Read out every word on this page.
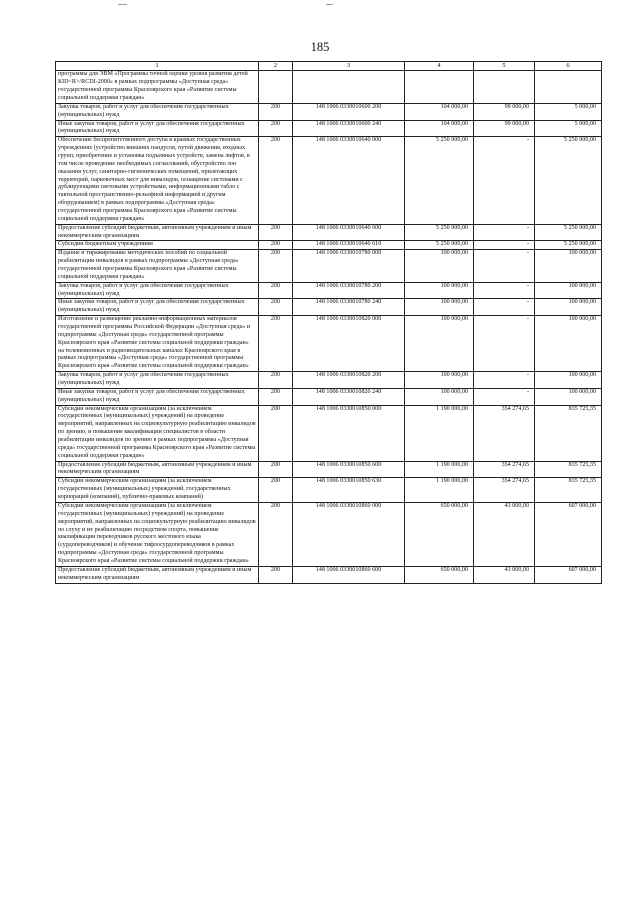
185
1	2	3	4	5	6
программы для ЭВМ «Программы точной оценки уровня развития детей КID<R>/RCDI-2000» в рамках подпрограммы «Доступная среда» государственной программы Красноярского края «Развитие системы социальной поддержки граждан»					
Закупка товаров, работ и услуг для обеспечения государственных (муниципальных) нужд	200	148 1006 0330010600 200	104 000,00	99 000,00	5 000,00
Иные закупки товаров, работ и услуг для обеспечения государственных (муниципальных) нужд	200	148 1006 0330010600 240	104 000,00	99 000,00	5 000,00
Обеспечение беспрепятственного доступа в краевых государственных учреждениях (устройство внешних пандусов, путей движения, входных групп, приобретение и установка подъемных устройств, замена лифтов, в том числе проведение необходимых согласований, обустройство зон оказания услуг, санитарно-гигиенических помещений, прилегающих территорий, парковочных мест для инвалидов, оснащение системами с дублирующими световыми устройствами, информационными табло с тактильной пространственно-рельефной информацией и другим оборудованием) в рамках подпрограммы «Доступная среда» государственной программы Красноярского края «Развитие системы социальной поддержки граждан»	200	148 1006 0330010640 000	5 250 000,00	-	5 250 000,00
Предоставление субсидий бюджетным, автономным учреждениям и иным некоммерческим организациям	200	148 1006 0330010640 600	5 250 000,00	-	5 250 000,00
Субсидии бюджетным учреждениям	200	148 1006 0330010640 610	5 250 000,00	-	5 250 000,00
Издание и тиражирование методических пособий по социальной реабилитации инвалидов в рамках подпрограммы «Доступная среда» государственной программы Красноярского края «Развитие системы социальной поддержки граждан»	200	148 1006 0330010780 000	100 000,00	-	100 000,00
Закупка товаров, работ и услуг для обеспечения государственных (муниципальных) нужд	200	148 1006 0330010780 200	100 000,00	-	100 000,00
Иные закупки товаров, работ и услуг для обеспечения государственных (муниципальных) нужд	200	148 1006 0330010780 240	100 000,00	-	100 000,00
Изготовление и размещение рекламно-информационных материалов государственной программы Российской Федерации «Доступная среда» и подпрограммы «Доступная среда» государственной программы Красноярского края «Развитие системы социальной поддержки граждан» на телевизионных и радиовещательных каналах Красноярского края в рамках подпрограммы «Доступная среда» государственной программы Красноярского края «Развитие системы социальной поддержки граждан»	200	148 1006 0330010820 000	100 000,00	-	100 000,00
Закупка товаров, работ и услуг для обеспечения государственных (муниципальных) нужд	200	148 1006 0330010820 200	100 000,00	-	100 000,00
Иные закупки товаров, работ и услуг для обеспечения государственных (муниципальных) нужд	200	148 1006 0330010820 240	100 000,00	-	100 000,00
Субсидии некоммерческим организациям (за исключением государственных (муниципальных) учреждений) на проведение мероприятий, направленных на социокультурную реабилитацию инвалидов по зрению, и повышение квалификации специалистов в области реабилитации инвалидов по зрению в рамках подпрограммы «Доступная среда» государственной программы Красноярского края «Развитие системы социальной поддержки граждан»	200	148 1006 0330010850 000	1 190 000,00	354 274,65	835 725,35
Предоставление субсидий бюджетным, автономным учреждениям и иным некоммерческим организациям	200	148 1006 0330010850 600	1 190 000,00	354 274,65	835 725,35
Субсидии некоммерческим организациям (за исключением государственных (муниципальных) учреждений, государственных корпораций (компаний), публично-правовых компаний)	200	148 1006 0330010850 630	1 190 000,00	354 274,65	835 725,35
Субсидии некоммерческим организациям (за исключением государственных (муниципальных) учреждений) на проведение мероприятий, направленных на социокультурную реабилитацию инвалидов по слуху и их реабилитацию посредством спорта, повышение квалификации переводчиков русского жестового языка (сурдопереводчиков) и обучение тифлосурдопереводчиков в рамках подпрограммы «Доступная среда» государственной программы Красноярского края «Развитие системы социальной поддержки граждан»	200	148 1006 0330010860 000	650 000,00	43 000,00	607 000,00
Предоставление субсидий бюджетным, автономным учреждениям и иным некоммерческим организациям	200	148 1006 0330010860 600	650 000,00	43 000,00	607 000,00
